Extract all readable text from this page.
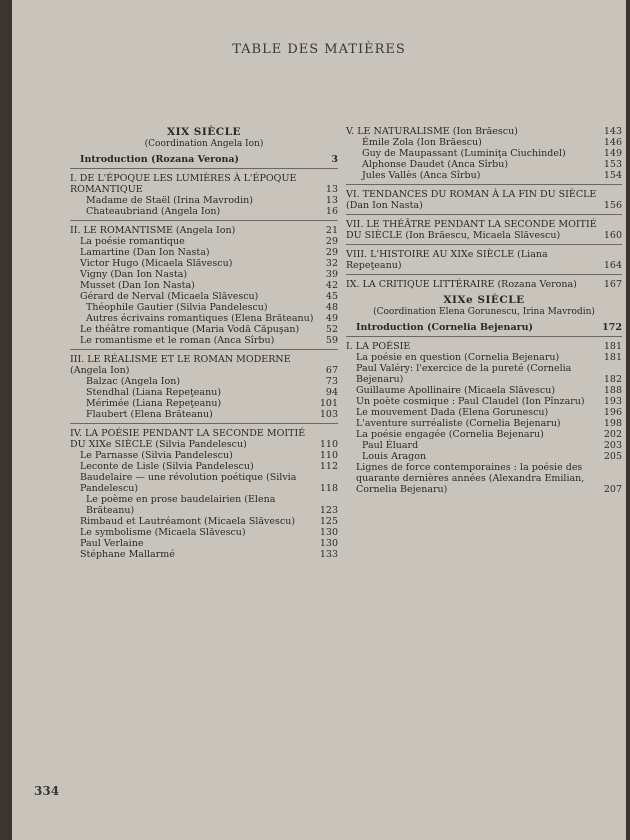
TABLE DES MATIÈRES

XIX SIÈCLE

(Coordination Angela Ion)

Introduction (Rozana Verona)	3
I. DE L'ÉPOQUE LES LUMIÈRES À L'ÉPOQUE ROMANTIQUE	13
Madame de Staël (Irina Mavrodin)	13
Chateaubriand (Angela Ion)	16
II. LE ROMANTISME (Angela Ion)	21
La poésie romantique	29
Lamartine (Dan Ion Nasta)	29
Victor Hugo (Micaela Slăvescu)	32
Vigny (Dan Ion Nasta)	39
Musset (Dan Ion Nasta)	42
Gérard de Nerval (Micaela Slăvescu)	45
Théophile Gautier (Silvia Pandelescu)	48
Autres écrivains romantiques (Elena Brăteanu)	49
Le théâtre romantique (Maria Vodă Căpuşan)	52
Le romantisme et le roman (Anca Sîrbu)	59
III. LE RÉALISME ET LE ROMAN MODERNE (Angela Ion)	67
Balzac (Angela Ion)	73
Stendhal (Liana Repeţeanu)	94
Mérimée (Liana Repeţeanu)	101
Flaubert (Elena Brăteanu)	103
IV. LA POÉSIE PENDANT LA SECONDE MOITIÉ DU XIXe SIÈCLE (Silvia Pandelescu)	110
Le Parnasse (Silvia Pandelescu)	110
Leconte de Lisle (Silvia Pandelescu)	112
Baudelaire — une révolution poétique (Silvia Pandelescu)	118
Le poème en prose baudelairien (Elena Brăteanu)	123
Rimbaud et Lautréamont (Micaela Slăvescu)	125
Le symbolisme (Micaela Slăvescu)	130
Paul Verlaine	130
Stéphane Mallarmé	133
V. LE NATURALISME (Ion Brăescu)	143
Émile Zola (Ion Brăescu)	146
Guy de Maupassant (Luminiţa Ciuchindel)	149
Alphonse Daudet (Anca Sîrbu)	153
Jules Vallès (Anca Sîrbu)	154
VI. TENDANCES DU ROMAN À LA FIN DU SIÈCLE (Dan Ion Nasta)	156
VII. LE THÉÂTRE PENDANT LA SECONDE MOITIÉ DU SIÈCLE (Ion Brăescu, Micaela Slăvescu)	160
VIII. L'HISTOIRE AU XIXe SIÈCLE (Liana Repeţeanu)	164
IX. LA CRITIQUE LITTÉRAIRE (Rozana Verona)	167

XIXe SIÈCLE

(Coordination Elena Gorunescu, Irina Mavrodin)

Introduction (Cornelia Bejenaru)	172
I. LA POÉSIE	181
La poésie en question (Cornelia Bejenaru)	181
Paul Valéry: l'exercice de la pureté (Cornelia Bejenaru)	182
Guillaume Apollinaire (Micaela Slăvescu)	188
Un poète cosmique : Paul Claudel (Ion Pînzaru)	193
Le mouvement Dada (Elena Gorunescu)	196
L'aventure surréaliste (Cornelia Bejenaru)	198
La poésie engagée (Cornelia Bejenaru)	202
Paul Éluard	203
Louis Aragon	205
Lignes de force contemporaines : la poésie des quarante dernières années (Alexandra Emilian, Cornelia Bejenaru)	207
334
